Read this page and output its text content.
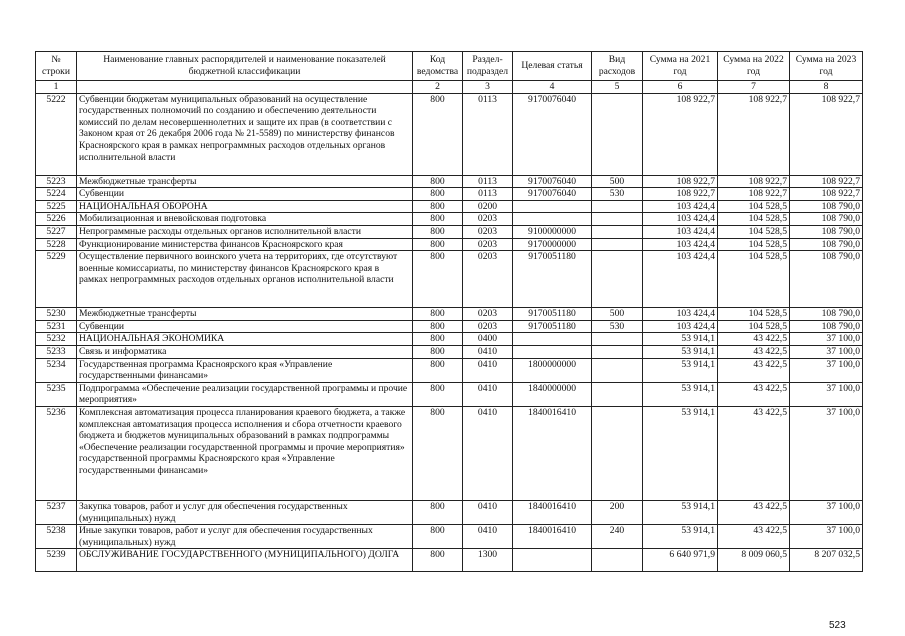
№ строки	Наименование главных распорядителей и наименование показателей бюджетной классификации	Код ведомства	Раздел-подраздел	Целевая статья	Вид расходов	Сумма на 2021 год	Сумма на 2022 год	Сумма на 2023 год
1		2	3	4	5	6	7	8
5222	Субвенции бюджетам муниципальных образований на осуществление государственных полномочий по созданию и обеспечению деятельности комиссий по делам несовершеннолетних и защите их прав (в соответствии с Законом края от 26 декабря 2006 года № 21-5589) по министерству финансов Красноярского края в рамках непрограммных расходов отдельных органов исполнительной власти	800	0113	9170076040		108 922,7	108 922,7	108 922,7
5223	Межбюджетные трансферты	800	0113	9170076040	500	108 922,7	108 922,7	108 922,7
5224	Субвенции	800	0113	9170076040	530	108 922,7	108 922,7	108 922,7
5225	НАЦИОНАЛЬНАЯ ОБОРОНА	800	0200			103 424,4	104 528,5	108 790,0
5226	Мобилизационная и вневойсковая подготовка	800	0203			103 424,4	104 528,5	108 790,0
5227	Непрограммные расходы отдельных органов исполнительной власти	800	0203	9100000000		103 424,4	104 528,5	108 790,0
5228	Функционирование министерства финансов Красноярского края	800	0203	9170000000		103 424,4	104 528,5	108 790,0
5229	Осуществление первичного воинского учета на территориях, где отсутствуют военные комиссариаты, по министерству финансов Красноярского края в рамках непрограммных расходов отдельных органов исполнительной власти	800	0203	9170051180		103 424,4	104 528,5	108 790,0
5230	Межбюджетные трансферты	800	0203	9170051180	500	103 424,4	104 528,5	108 790,0
5231	Субвенции	800	0203	9170051180	530	103 424,4	104 528,5	108 790,0
5232	НАЦИОНАЛЬНАЯ ЭКОНОМИКА	800	0400			53 914,1	43 422,5	37 100,0
5233	Связь и информатика	800	0410			53 914,1	43 422,5	37 100,0
5234	Государственная программа Красноярского края «Управление государственными финансами»	800	0410	1800000000		53 914,1	43 422,5	37 100,0
5235	Подпрограмма «Обеспечение реализации государственной программы и прочие мероприятия»	800	0410	1840000000		53 914,1	43 422,5	37 100,0
5236	Комплексная автоматизация процесса планирования краевого бюджета, а также комплексная автоматизация процесса исполнения и сбора отчетности краевого бюджета и бюджетов муниципальных образований в рамках подпрограммы «Обеспечение реализации государственной программы и прочие мероприятия» государственной программы Красноярского края «Управление государственными финансами»	800	0410	1840016410		53 914,1	43 422,5	37 100,0
5237	Закупка товаров, работ и услуг для обеспечения государственных (муниципальных) нужд	800	0410	1840016410	200	53 914,1	43 422,5	37 100,0
5238	Иные закупки товаров, работ и услуг для обеспечения государственных (муниципальных) нужд	800	0410	1840016410	240	53 914,1	43 422,5	37 100,0
5239	ОБСЛУЖИВАНИЕ ГОСУДАРСТВЕННОГО (МУНИЦИПАЛЬНОГО) ДОЛГА	800	1300			6 640 971,9	8 009 060,5	8 207 032,5
523
